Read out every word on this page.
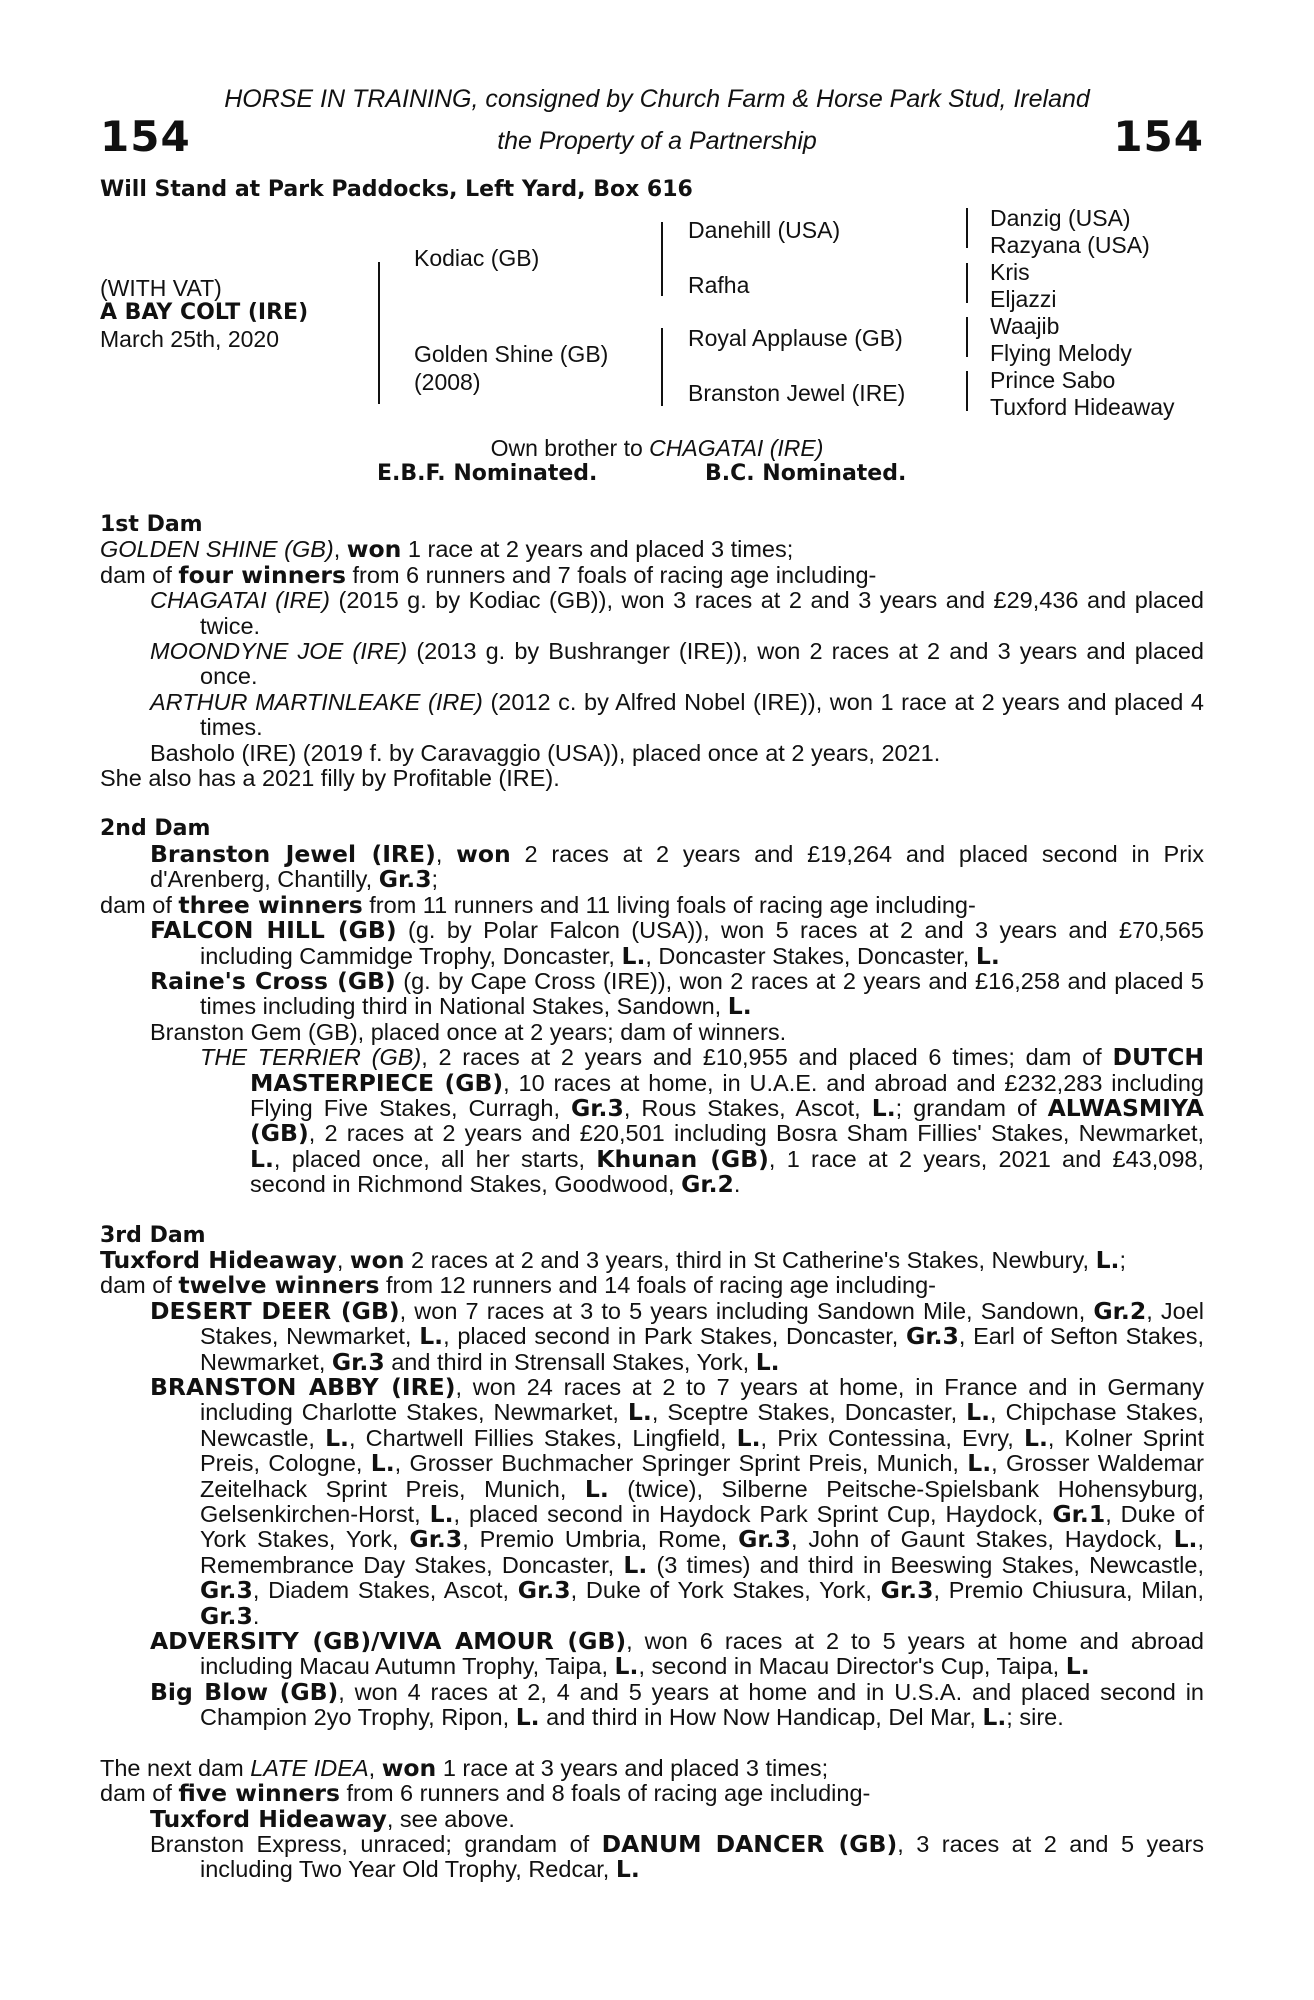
154	154
HORSE IN TRAINING, consigned by Church Farm & Horse Park Stud, Ireland
the Property of a Partnership
Will Stand at Park Paddocks, Left Yard, Box 616
(WITH VAT)
A BAY COLT (IRE)
March 25th, 2020
Kodiac (GB)
Golden Shine (GB)
(2008)
Danehill (USA)
Rafha
Royal Applause (GB)
Branston Jewel (IRE)
Danzig (USA)
Razyana (USA)
Kris
Eljazzi
Waajib
Flying Melody
Prince Sabo
Tuxford Hideaway
Own brother to CHAGATAI (IRE)
E.B.F. Nominated.	B.C. Nominated.

1st Dam

GOLDEN SHINE (GB), won 1 race at 2 years and placed 3 times;

dam of four winners from 6 runners and 7 foals of racing age including-

CHAGATAI (IRE) (2015 g. by Kodiac (GB)), won 3 races at 2 and 3 years and £29,436 and placed twice.

MOONDYNE JOE (IRE) (2013 g. by Bushranger (IRE)), won 2 races at 2 and 3 years and placed once.

ARTHUR MARTINLEAKE (IRE) (2012 c. by Alfred Nobel (IRE)), won 1 race at 2 years and placed 4 times.

Basholo (IRE) (2019 f. by Caravaggio (USA)), placed once at 2 years, 2021.

She also has a 2021 filly by Profitable (IRE).

2nd Dam

Branston Jewel (IRE), won 2 races at 2 years and £19,264 and placed second in Prix d'Arenberg, Chantilly, Gr.3;

dam of three winners from 11 runners and 11 living foals of racing age including-

FALCON HILL (GB) (g. by Polar Falcon (USA)), won 5 races at 2 and 3 years and £70,565 including Cammidge Trophy, Doncaster, L., Doncaster Stakes, Doncaster, L.

Raine's Cross (GB) (g. by Cape Cross (IRE)), won 2 races at 2 years and £16,258 and placed 5 times including third in National Stakes, Sandown, L.

Branston Gem (GB), placed once at 2 years; dam of winners.

THE TERRIER (GB), 2 races at 2 years and £10,955 and placed 6 times; dam of DUTCH MASTERPIECE (GB), 10 races at home, in U.A.E. and abroad and £232,283 including Flying Five Stakes, Curragh, Gr.3, Rous Stakes, Ascot, L.; grandam of ALWASMIYA (GB), 2 races at 2 years and £20,501 including Bosra Sham Fillies' Stakes, Newmarket, L., placed once, all her starts, Khunan (GB), 1 race at 2 years, 2021 and £43,098, second in Richmond Stakes, Goodwood, Gr.2.

3rd Dam

Tuxford Hideaway, won 2 races at 2 and 3 years, third in St Catherine's Stakes, Newbury, L.;

dam of twelve winners from 12 runners and 14 foals of racing age including-

DESERT DEER (GB), won 7 races at 3 to 5 years including Sandown Mile, Sandown, Gr.2, Joel Stakes, Newmarket, L., placed second in Park Stakes, Doncaster, Gr.3, Earl of Sefton Stakes, Newmarket, Gr.3 and third in Strensall Stakes, York, L.

BRANSTON ABBY (IRE), won 24 races at 2 to 7 years at home, in France and in Germany including Charlotte Stakes, Newmarket, L., Sceptre Stakes, Doncaster, L., Chipchase Stakes, Newcastle, L., Chartwell Fillies Stakes, Lingfield, L., Prix Contessina, Evry, L., Kolner Sprint Preis, Cologne, L., Grosser Buchmacher Springer Sprint Preis, Munich, L., Grosser Waldemar Zeitelhack Sprint Preis, Munich, L. (twice), Silberne Peitsche-Spielsbank Hohensyburg, Gelsenkirchen-Horst, L., placed second in Haydock Park Sprint Cup, Haydock, Gr.1, Duke of York Stakes, York, Gr.3, Premio Umbria, Rome, Gr.3, John of Gaunt Stakes, Haydock, L., Remembrance Day Stakes, Doncaster, L. (3 times) and third in Beeswing Stakes, Newcastle, Gr.3, Diadem Stakes, Ascot, Gr.3, Duke of York Stakes, York, Gr.3, Premio Chiusura, Milan, Gr.3.

ADVERSITY (GB)/VIVA AMOUR (GB), won 6 races at 2 to 5 years at home and abroad including Macau Autumn Trophy, Taipa, L., second in Macau Director's Cup, Taipa, L.

Big Blow (GB), won 4 races at 2, 4 and 5 years at home and in U.S.A. and placed second in Champion 2yo Trophy, Ripon, L. and third in How Now Handicap, Del Mar, L.; sire.

The next dam LATE IDEA, won 1 race at 3 years and placed 3 times;

dam of five winners from 6 runners and 8 foals of racing age including-

Tuxford Hideaway, see above.

Branston Express, unraced; grandam of DANUM DANCER (GB), 3 races at 2 and 5 years including Two Year Old Trophy, Redcar, L.
